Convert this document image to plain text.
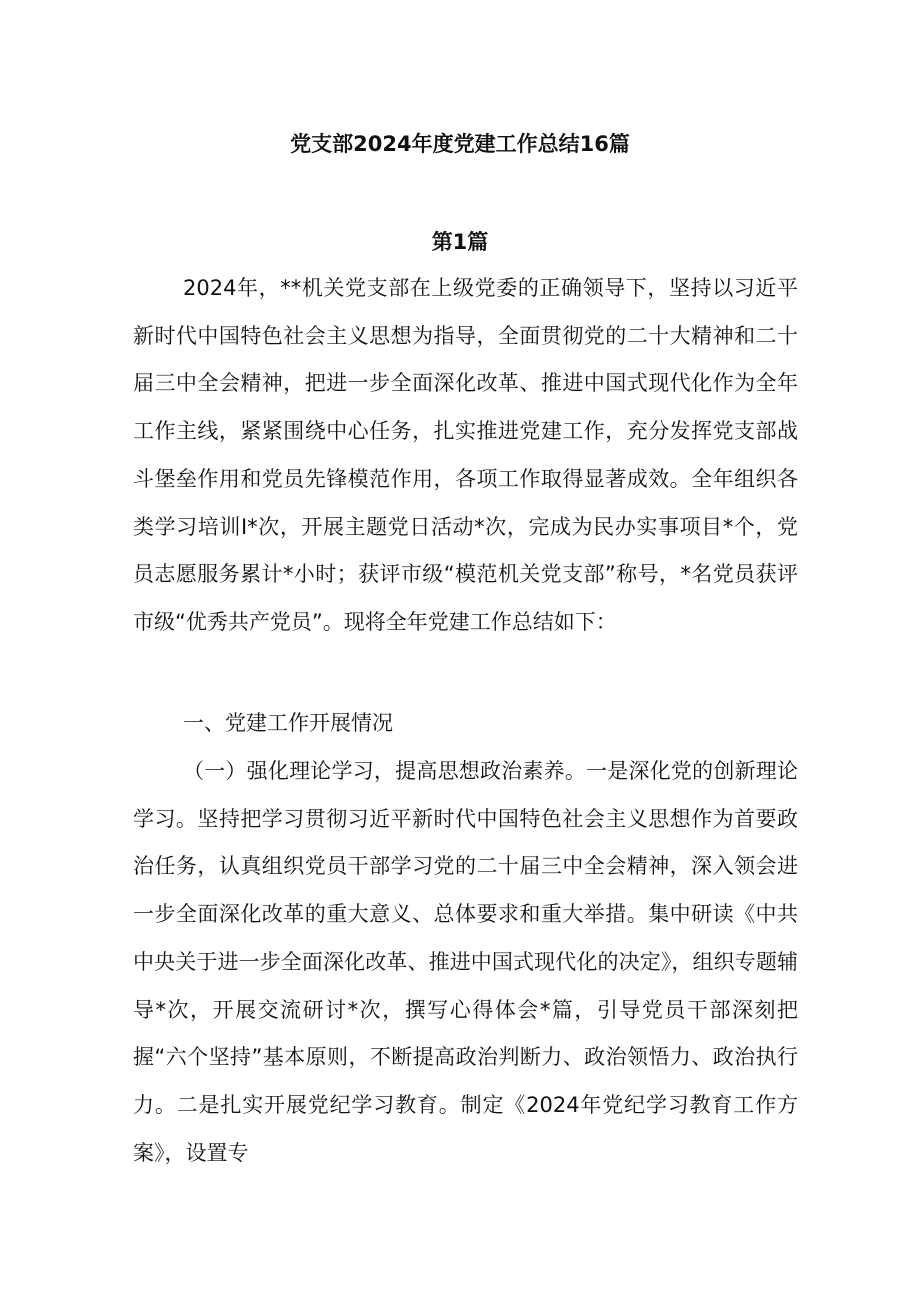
党支部2024年度党建工作总结16篇
第1篇

2024年，**机关党支部在上级党委的正确领导下，坚持以习近平新时代中国特色社会主义思想为指导，全面贯彻党的二十大精神和二十届三中全会精神，把进一步全面深化改革、推进中国式现代化作为全年工作主线，紧紧围绕中心任务，扎实推进党建工作，充分发挥党支部战斗堡垒作用和党员先锋模范作用，各项工作取得显著成效。全年组织各类学习培训I*次，开展主题党日活动*次，完成为民办实事项目*个，党员志愿服务累计*小时；获评市级“模范机关党支部”称号，*名党员获评市级“优秀共产党员”。现将全年党建工作总结如下：

一、党建工作开展情况

（一）强化理论学习，提高思想政治素养。一是深化党的创新理论学习。坚持把学习贯彻习近平新时代中国特色社会主义思想作为首要政治任务，认真组织党员干部学习党的二十届三中全会精神，深入领会进一步全面深化改革的重大意义、总体要求和重大举措。集中研读《中共中央关于进一步全面深化改革、推进中国式现代化的决定》，组织专题辅导*次，开展交流研讨*次，撰写心得体会*篇，引导党员干部深刻把握“六个坚持”基本原则，不断提高政治判断力、政治领悟力、政治执行力。二是扎实开展党纪学习教育。制定《2024年党纪学习教育工作方案》，设置专
